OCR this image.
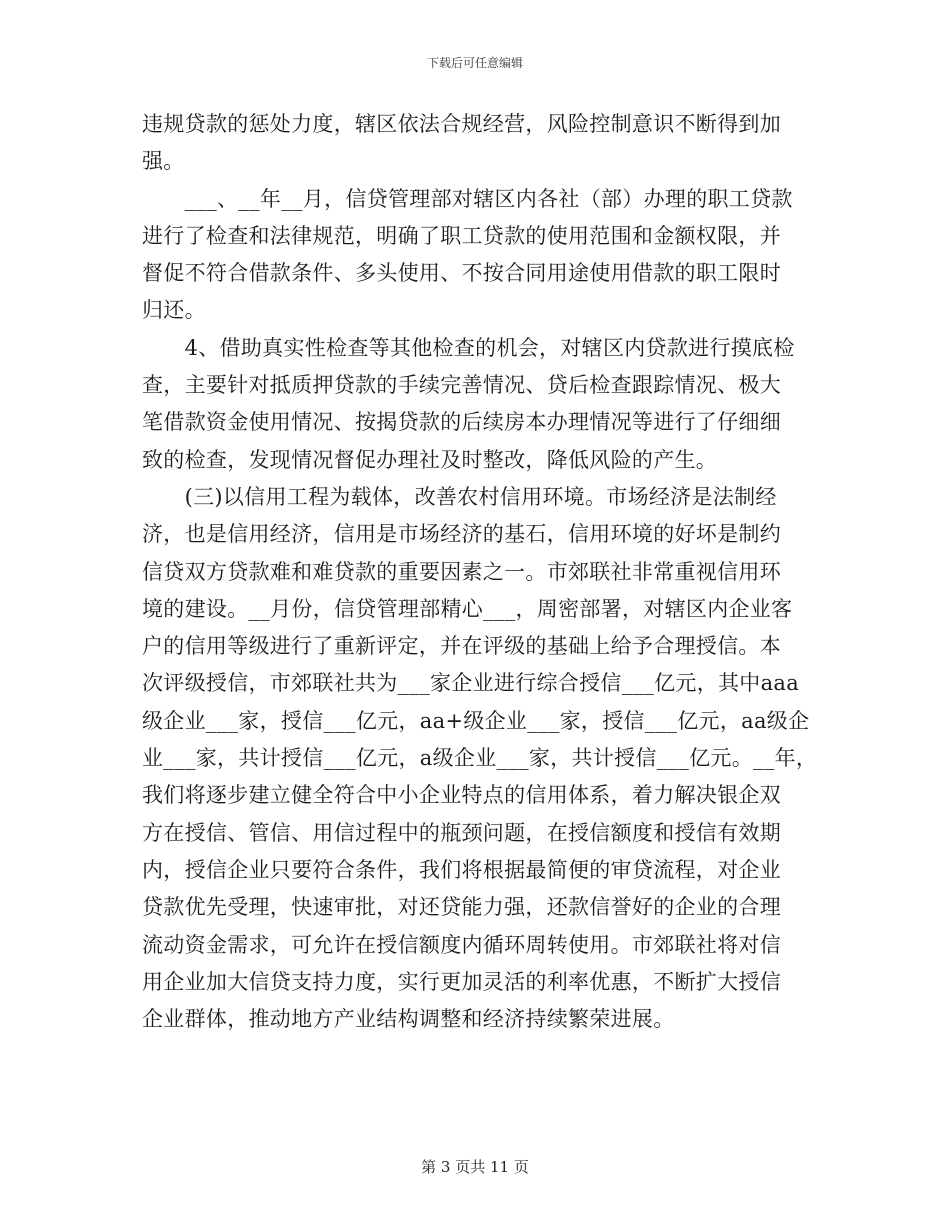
下载后可任意编辑
违规贷款的惩处力度，辖区依法合规经营，风险控制意识不断得到加
强。
　　___、__年__月，信贷管理部对辖区内各社（部）办理的职工贷款
进行了检查和法律规范，明确了职工贷款的使用范围和金额权限，并
督促不符合借款条件、多头使用、不按合同用途使用借款的职工限时
归还。
　　4、借助真实性检查等其他检查的机会，对辖区内贷款进行摸底检
查，主要针对抵质押贷款的手续完善情况、贷后检查跟踪情况、极大
笔借款资金使用情况、按揭贷款的后续房本办理情况等进行了仔细细
致的检查，发现情况督促办理社及时整改，降低风险的产生。
　　(三)以信用工程为载体，改善农村信用环境。市场经济是法制经
济，也是信用经济，信用是市场经济的基石，信用环境的好坏是制约
信贷双方贷款难和难贷款的重要因素之一。市郊联社非常重视信用环
境的建设。__月份，信贷管理部精心___，周密部署，对辖区内企业客
户的信用等级进行了重新评定，并在评级的基础上给予合理授信。本
次评级授信，市郊联社共为___家企业进行综合授信___亿元，其中aaa
级企业___家，授信___亿元，aa+级企业___家，授信___亿元，aa级企
业___家，共计授信___亿元，a级企业___家，共计授信___亿元。__年，
我们将逐步建立健全符合中小企业特点的信用体系，着力解决银企双
方在授信、管信、用信过程中的瓶颈问题，在授信额度和授信有效期
内，授信企业只要符合条件，我们将根据最简便的审贷流程，对企业
贷款优先受理，快速审批，对还贷能力强，还款信誉好的企业的合理
流动资金需求，可允许在授信额度内循环周转使用。市郊联社将对信
用企业加大信贷支持力度，实行更加灵活的利率优惠，不断扩大授信
企业群体，推动地方产业结构调整和经济持续繁荣进展。
第 3 页共 11 页
